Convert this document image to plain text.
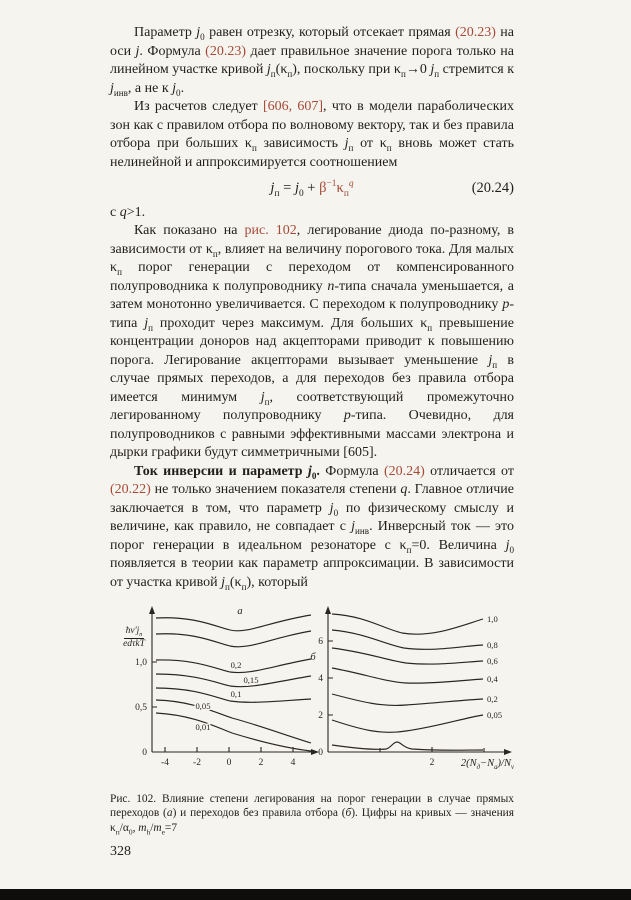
Параметр $j_0$ равен отрезку, который отсекает прямая (20.23) на оси j. Формула (20.23) дает правильное значение порога только на линейном участке кривой $j_п(\kappa_п)$, поскольку при $\kappa_п\to 0$ $j_п$ стремится к $j_{инв}$, а не к $j_0$.

Из расчетов следует [606, 607], что в модели параболических зон как с правилом отбора по волновому вектору, так и без правила отбора при больших $\kappa_п$ зависимость $j_п$ от $\kappa_п$ вновь может стать нелинейной и аппроксимируется соотношением

$j_п = j_0 + \beta^{-1}\kappa_п^q$	(20.24)

с q>1.

Как показано на рис. 102, легирование диода по-разному, в зависимости от $\kappa_п$, влияет на величину порогового тока. Для малых $\kappa_п$ порог генерации с переходом от компенсированного полупроводника к полупроводнику n-типа сначала уменьшается, а затем монотонно увеличивается. С переходом к полупроводнику p-типа $j_п$ проходит через максимум. Для больших $\kappa_п$ превышение концентрации доноров над акцепторами приводит к повышению порога. Легирование акцепторами вызывает уменьшение $j_п$ в случае прямых переходов, а для переходов без правила отбора имеется минимум $j_п$, соответствующий промежуточно легированному полупроводнику p-типа. Очевидно, для полупроводников с равными эффективными массами электрона и дырки графики будут симметричными [605].

Ток инверсии и параметр $j_0$. Формула (20.24) отличается от (20.22) не только значением показателя степени q. Главное отличие заключается в том, что параметр $j_0$ по физическому смыслу и величине, как правило, не совпадает с $j_{инв}$. Инверсный ток — это порог генерации в идеальном резонаторе с $\kappa_п=0$. Величина $j_0$ появляется в теории как параметр аппроксимации. В зависимости от участка кривой $j_п(\kappa_п)$, который

1,0
0,5
0
-4	-2	0	2	4
а
0,2
0,15
0,1
0,05
0,01
6
4
2
0
2
б
1,0
0,8
0,6
0,4
0,2
0,05
$ħ\nu'j_п$
edτkT
$2(N_д-N_а)/N_v$

Рис. 102. Влияние степени легирования на порог генерации в случае прямых переходов (а) и переходов без правила отбора (б). Цифры на кривых — значения $\kappa_п/\alpha_0$, $m_h/m_e=7$

328
